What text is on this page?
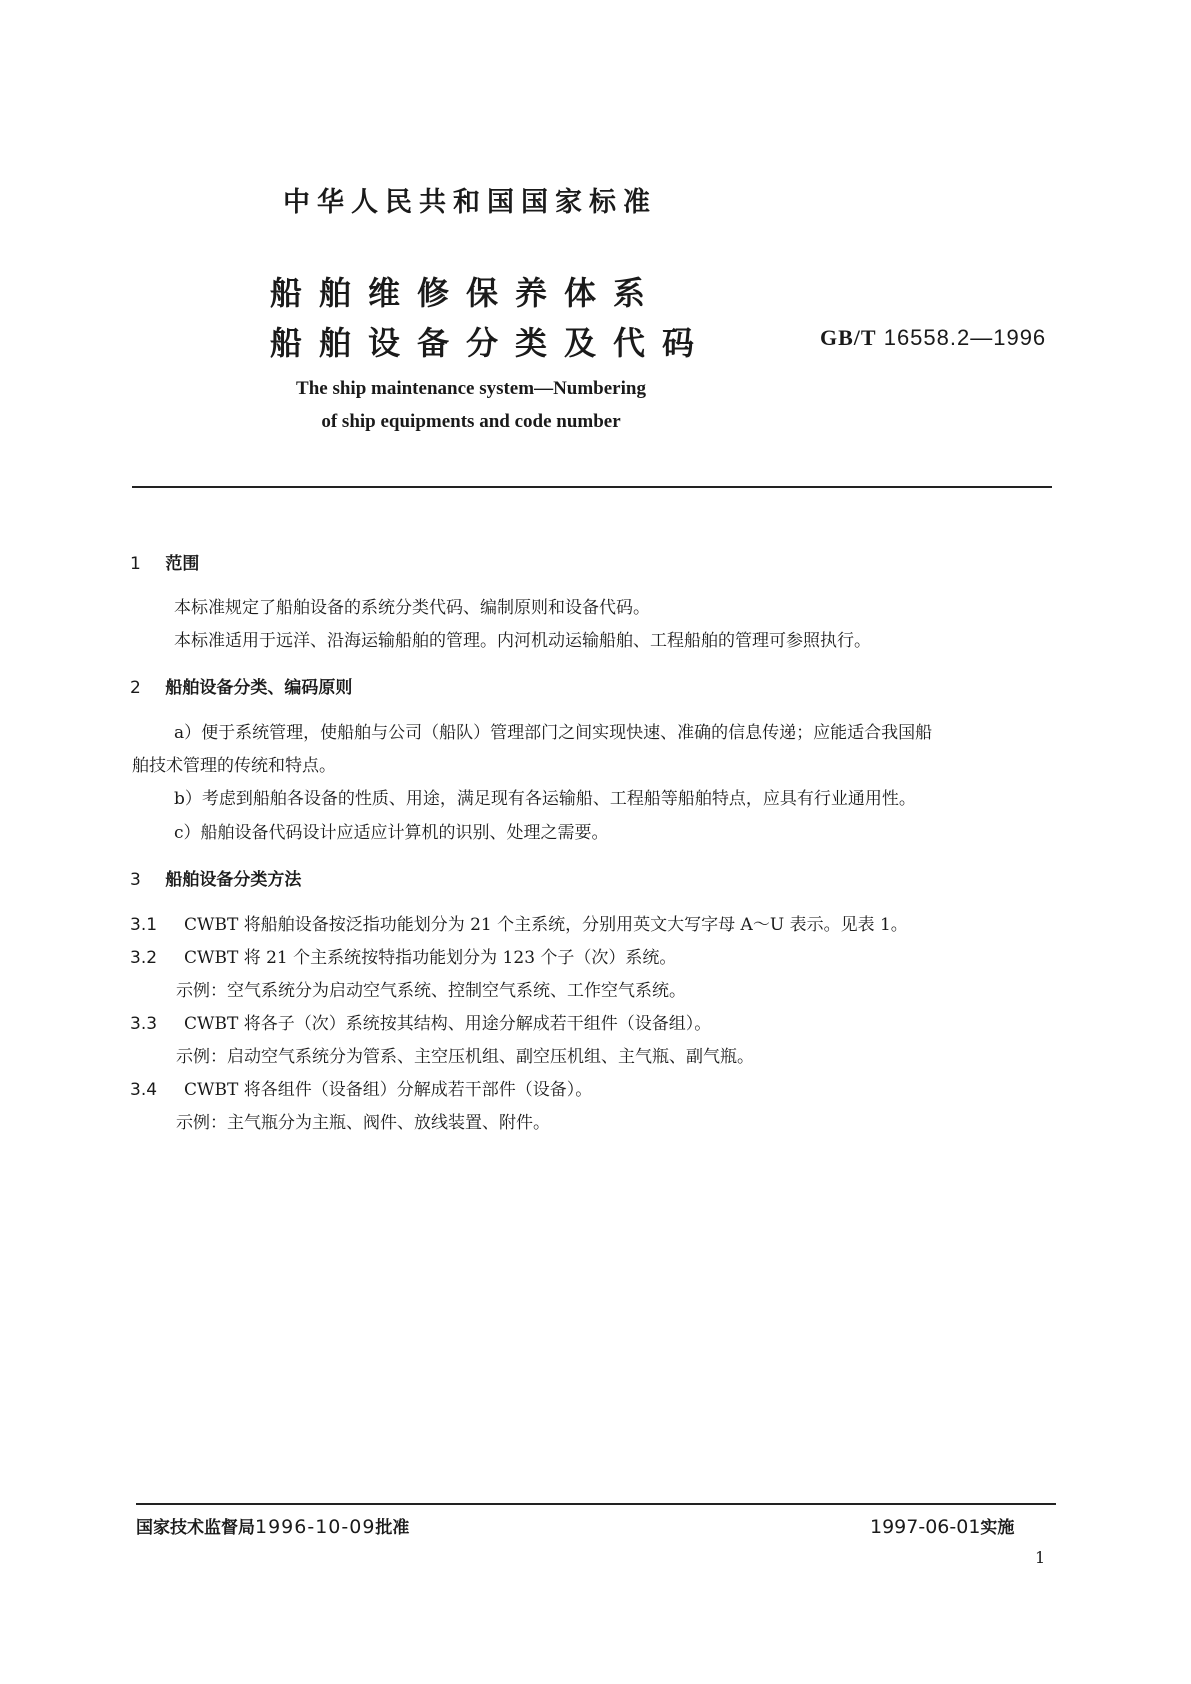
中华人民共和国国家标准
船舶维修保养体系
船舶设备分类及代码	GB/T 16558.2—1996
The ship maintenance system—Numbering
of ship equipments and code number
1 范围
本标准规定了船舶设备的系统分类代码、编制原则和设备代码。
本标准适用于远洋、沿海运输船舶的管理。内河机动运输船舶、工程船舶的管理可参照执行。
2 船舶设备分类、编码原则
a）便于系统管理，使船舶与公司（船队）管理部门之间实现快速、准确的信息传递；应能适合我国船
舶技术管理的传统和特点。
b）考虑到船舶各设备的性质、用途，满足现有各运输船、工程船等船舶特点，应具有行业通用性。
c）船舶设备代码设计应适应计算机的识别、处理之需要。
3 船舶设备分类方法
3.1 CWBT 将船舶设备按泛指功能划分为 21 个主系统，分别用英文大写字母 A～U 表示。见表 1。
3.2 CWBT 将 21 个主系统按特指功能划分为 123 个子（次）系统。
示例：空气系统分为启动空气系统、控制空气系统、工作空气系统。
3.3 CWBT 将各子（次）系统按其结构、用途分解成若干组件（设备组）。
示例：启动空气系统分为管系、主空压机组、副空压机组、主气瓶、副气瓶。
3.4 CWBT 将各组件（设备组）分解成若干部件（设备）。
示例：主气瓶分为主瓶、阀件、放线装置、附件。
国家技术监督局1996-10-09批准	1997-06-01实施
1
